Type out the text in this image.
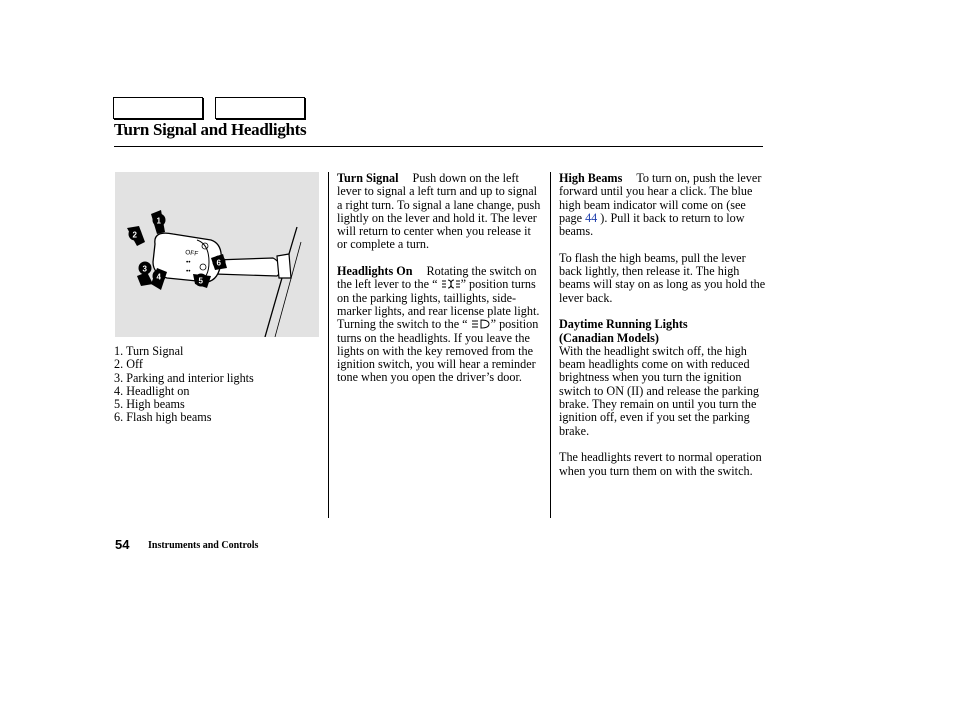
Turn Signal and Headlights
OFF
••
••
1
2
3
4	5
6
1. Turn Signal
2. Off
3. Parking and interior lights
4. Headlight on
5. High beams
6. Flash high beams

Turn Signal Push down on the left lever to signal a left turn and up to signal a right turn. To signal a lane change, push lightly on the lever and hold it. The lever will return to center when you release it or complete a turn.

Headlights On Rotating the switch on the left lever to the “ ” position turns on the parking lights, taillights, side-marker lights, and rear license plate light. Turning the switch to the “ ” position turns on the headlights. If you leave the lights on with the key removed from the ignition switch, you will hear a reminder tone when you open the driver’s door.

High Beams To turn on, push the lever forward until you hear a click. The blue high beam indicator will come on (see page 44 ). Pull it back to return to low beams.

To flash the high beams, pull the lever back lightly, then release it. The high beams will stay on as long as you hold the lever back.

Daytime Running Lights
(Canadian Models)
With the headlight switch off, the high beam headlights come on with reduced brightness when you turn the ignition switch to ON (II) and release the parking brake. They remain on until you turn the ignition off, even if you set the parking brake.

The headlights revert to normal operation when you turn them on with the switch.

54 Instruments and Controls
